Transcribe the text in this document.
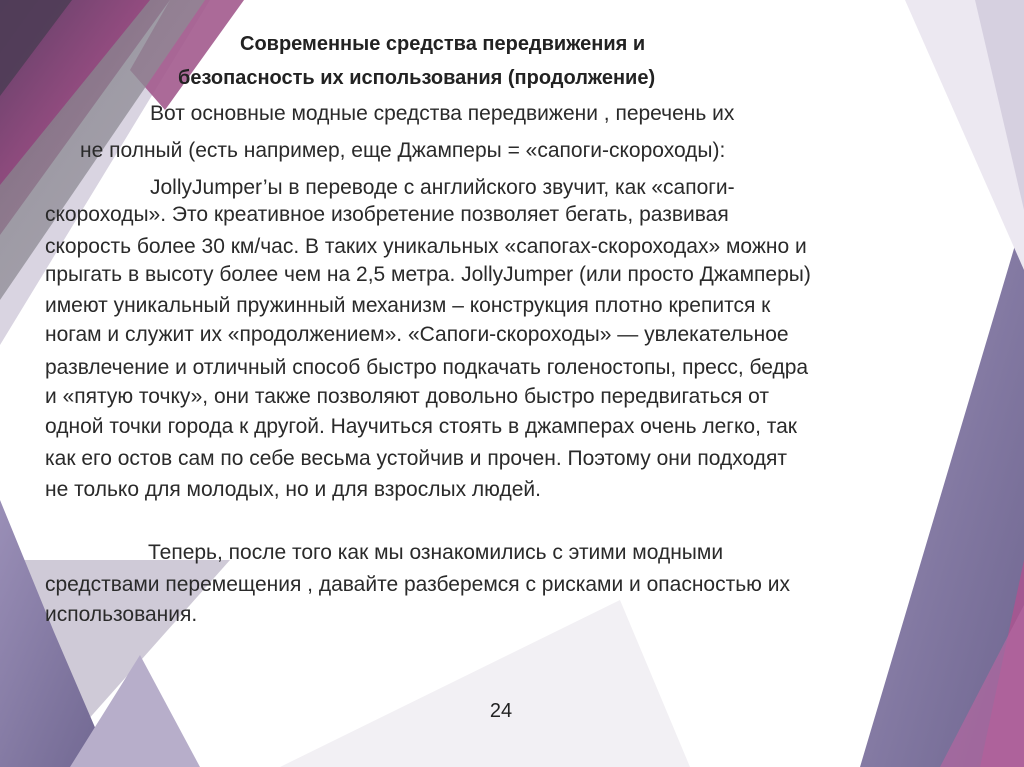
Современные средства передвижения и
безопасность их использования (продолжение)
Вот основные модные средства передвижени , перечень их
не полный (есть например, еще Джамперы = «сапоги-скороходы):
JollyJumper’ы в переводе с английского звучит, как «сапоги-
скороходы». Это креативное изобретение позволяет бегать, развивая
скорость более 30 км/час. В таких уникальных «сапогах-скороходах» можно и
прыгать в высоту более чем на 2,5 метра. JollyJumper (или просто Джамперы)
имеют уникальный пружинный механизм – конструкция плотно крепится к
ногам и служит их «продолжением». «Сапоги-скороходы» — увлекательное
развлечение и отличный способ быстро подкачать голеностопы, пресс, бедра
и «пятую точку», они также позволяют довольно быстро передвигаться от
одной точки города к другой. Научиться стоять в джамперах очень легко, так
как его остов сам по себе весьма устойчив и прочен. Поэтому они подходят
не только для молодых, но и для взрослых людей.
Теперь, после того как мы ознакомились с этими модными
средствами перемещения , давайте разберемся с рисками и опасностью их
использования.
24
